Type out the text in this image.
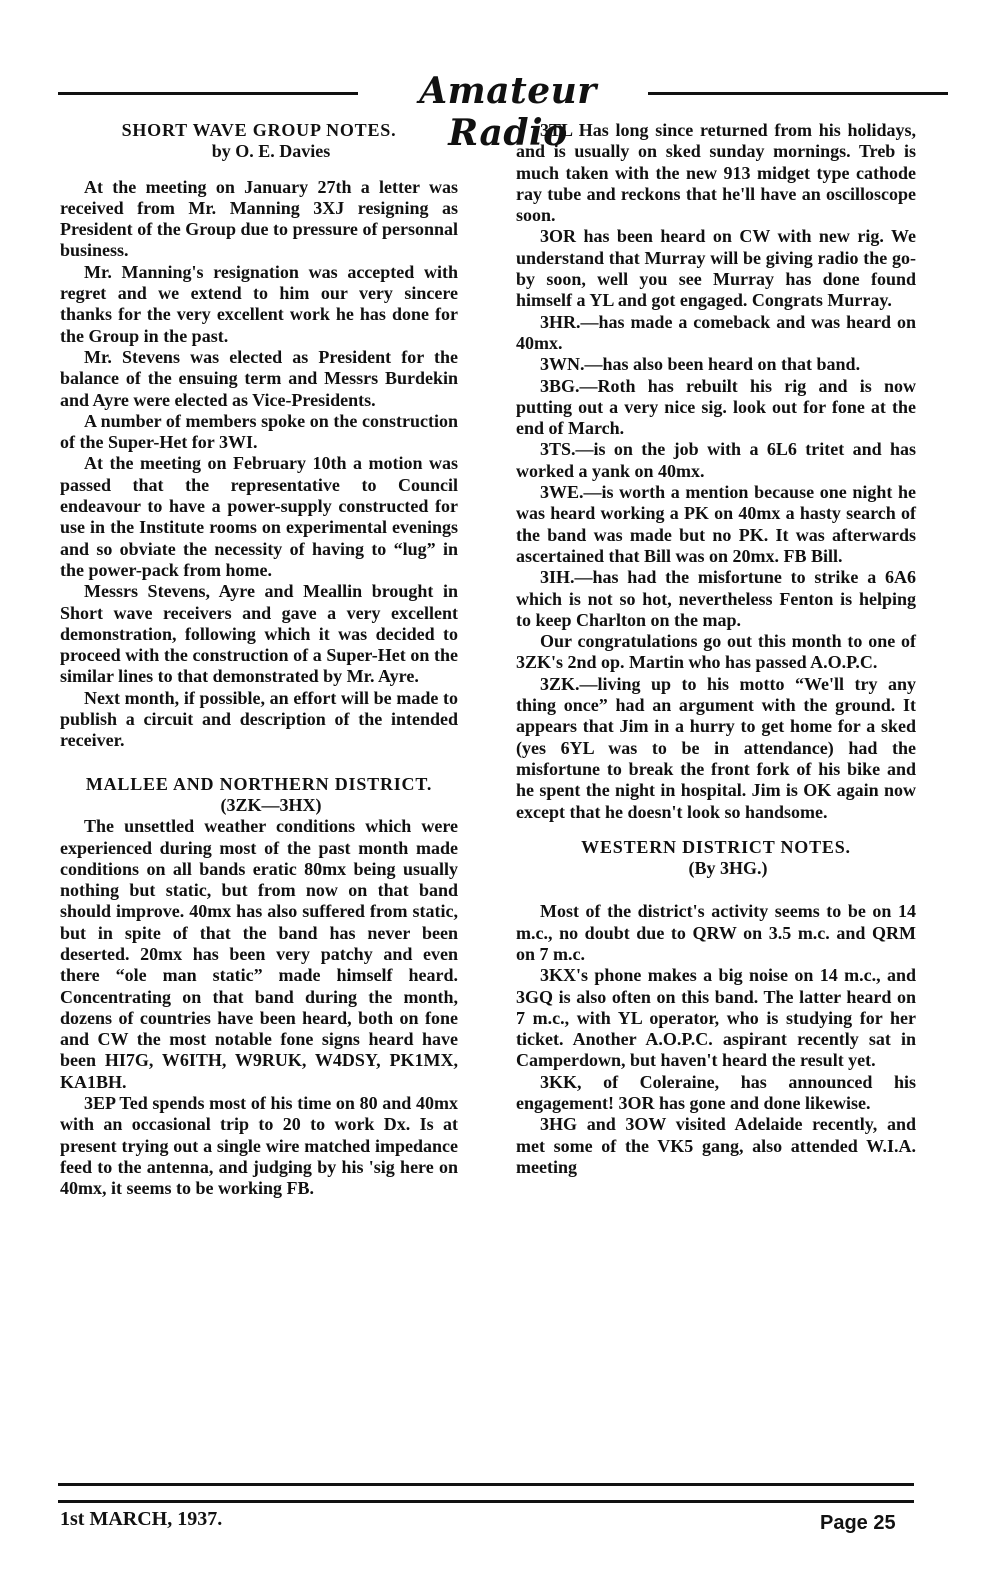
Amateur Radio
SHORT WAVE GROUP NOTES.

by O. E. Davies

At the meeting on January 27th a letter was received from Mr. Manning 3XJ resigning as President of the Group due to pressure of personnal business.

Mr. Manning's resignation was accepted with regret and we extend to him our very sincere thanks for the very excellent work he has done for the Group in the past.

Mr. Stevens was elected as President for the balance of the ensuing term and Messrs Burdekin and Ayre were elected as Vice-Presidents.

A number of members spoke on the construction of the Super-Het for 3WI.

At the meeting on February 10th a motion was passed that the representative to Council endeavour to have a power-supply constructed for use in the Institute rooms on experimental evenings and so obviate the necessity of having to “lug” in the power-pack from home.

Messrs Stevens, Ayre and Meallin brought in Short wave receivers and gave a very excellent demonstration, following which it was decided to proceed with the construction of a Super-Het on the similar lines to that demonstrated by Mr. Ayre.

Next month, if possible, an effort will be made to publish a circuit and description of the intended receiver.

MALLEE AND NORTHERN DISTRICT.

(3ZK—3HX)

The unsettled weather conditions which were experienced during most of the past month made conditions on all bands eratic 80mx being usually nothing but static, but from now on that band should improve. 40mx has also suffered from static, but in spite of that the band has never been deserted. 20mx has been very patchy and even there “ole man static” made himself heard. Concentrating on that band during the month, dozens of countries have been heard, both on fone and CW the most notable fone signs heard have been HI7G, W6ITH, W9RUK, W4DSY, PK1MX, KA1BH.

3EP Ted spends most of his time on 80 and 40mx with an occasional trip to 20 to work Dx. Is at present trying out a single wire matched impedance feed to the antenna, and judging by his 'sig here on 40mx, it seems to be working FB.

3TL Has long since returned from his holidays, and is usually on sked sunday mornings. Treb is much taken with the new 913 midget type cathode ray tube and reckons that he'll have an oscilloscope soon.

3OR has been heard on CW with new rig. We understand that Murray will be giving radio the go-by soon, well you see Murray has done found himself a YL and got engaged. Congrats Murray.

3HR.—has made a comeback and was heard on 40mx.

3WN.—has also been heard on that band.

3BG.—Roth has rebuilt his rig and is now putting out a very nice sig. look out for fone at the end of March.

3TS.—is on the job with a 6L6 tritet and has worked a yank on 40mx.

3WE.—is worth a mention because one night he was heard working a PK on 40mx a hasty search of the band was made but no PK. It was afterwards ascertained that Bill was on 20mx. FB Bill.

3IH.—has had the misfortune to strike a 6A6 which is not so hot, nevertheless Fenton is helping to keep Charlton on the map.

Our congratulations go out this month to one of 3ZK's 2nd op. Martin who has passed A.O.P.C.

3ZK.—living up to his motto “We'll try any thing once” had an argument with the ground. It appears that Jim in a hurry to get home for a sked (yes 6YL was to be in attendance) had the misfortune to break the front fork of his bike and he spent the night in hospital. Jim is OK again now except that he doesn't look so handsome.

WESTERN DISTRICT NOTES.

(By 3HG.)

Most of the district's activity seems to be on 14 m.c., no doubt due to QRW on 3.5 m.c. and QRM on 7 m.c.

3KX's phone makes a big noise on 14 m.c., and 3GQ is also often on this band. The latter heard on 7 m.c., with YL operator, who is studying for her ticket. Another A.O.P.C. aspirant recently sat in Camperdown, but haven't heard the result yet.

3KK, of Coleraine, has announced his engagement! 3OR has gone and done likewise.

3HG and 3OW visited Adelaide recently, and met some of the VK5 gang, also attended W.I.A. meeting

1st MARCH, 1937.	Page 25
